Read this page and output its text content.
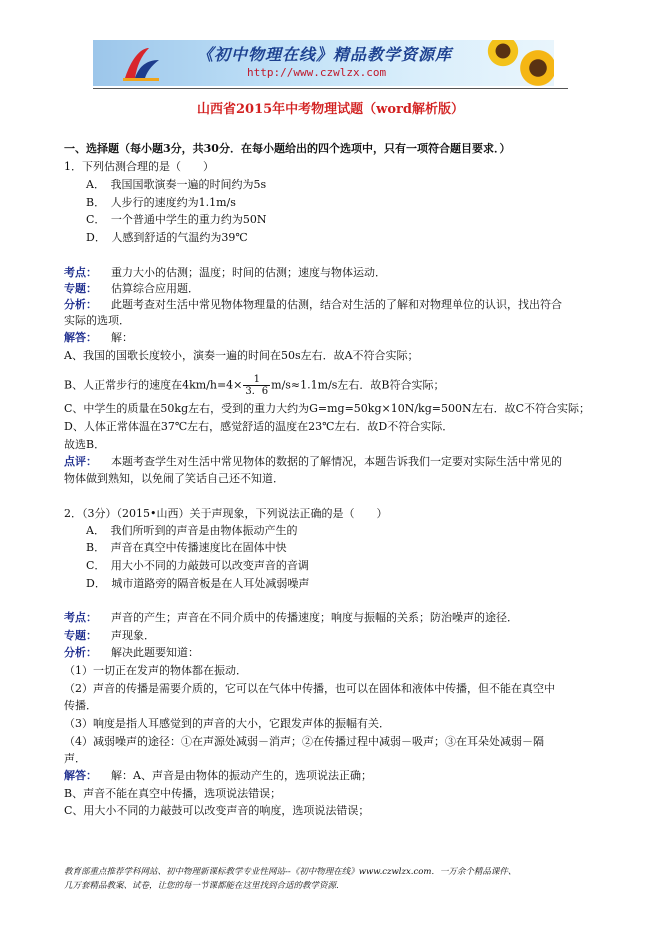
《初中物理在线》精品教学资源库
http://www.czwlzx.com
山西省2015年中考物理试题（word解析版）
一、选择题（每小题3分，共30分．在每小题给出的四个选项中，只有一项符合题目要求．）
1．下列估测合理的是（　　）
A．　我国国歌演奏一遍的时间约为5s
B．　人步行的速度约为1.1m/s
C．　一个普通中学生的重力约为50N
D．　人感到舒适的气温约为39℃
考点： 重力大小的估测；温度；时间的估测；速度与物体运动．
专题： 估算综合应用题．
分析： 此题考查对生活中常见物体物理量的估测，结合对生活的了解和对物理单位的认识，找出符合
实际的选项．
解答： 解：
A、我国的国歌长度较小，演奏一遍的时间在50s左右．故A不符合实际；
B、人正常步行的速度在$4km/h=4\times \frac{1}{3.6} m/s\approx 1.1m/s$左右．故B符合实际；
C、中学生的质量在50kg左右，受到的重力大约为G=mg=50kg×10N/kg=500N左右．故C不符合实际；
D、人体正常体温在37℃左右，感觉舒适的温度在23℃左右．故D不符合实际．
故选B．
点评： 本题考查学生对生活中常见物体的数据的了解情况，本题告诉我们一定要对实际生活中常见的
物体做到熟知，以免闹了笑话自己还不知道．
2．（3分）（2015•山西）关于声现象，下列说法正确的是（　　）
A．　我们所听到的声音是由物体振动产生的
B．　声音在真空中传播速度比在固体中快
C．　用大小不同的力敲鼓可以改变声音的音调
D．　城市道路旁的隔音板是在人耳处减弱噪声
考点： 声音的产生；声音在不同介质中的传播速度；响度与振幅的关系；防治噪声的途径．
专题： 声现象．
分析： 解决此题要知道：
（1）一切正在发声的物体都在振动．
（2）声音的传播是需要介质的，它可以在气体中传播，也可以在固体和液体中传播，但不能在真空中
传播．
（3）响度是指人耳感觉到的声音的大小，它跟发声体的振幅有关．
（4）减弱噪声的途径：①在声源处减弱－消声；②在传播过程中减弱－吸声；③在耳朵处减弱－隔
声．
解答： 解：A、声音是由物体的振动产生的，选项说法正确；
B、声音不能在真空中传播，选项说法错误；
C、用大小不同的力敲鼓可以改变声音的响度，选项说法错误；
教育部重点推荐学科网站、初中物理新课标教学专业性网站--《初中物理在线》www.czwlzx.com．一万余个精品课件、
几万套精品教案、试卷，让您的每一节课都能在这里找到合适的教学资源．
